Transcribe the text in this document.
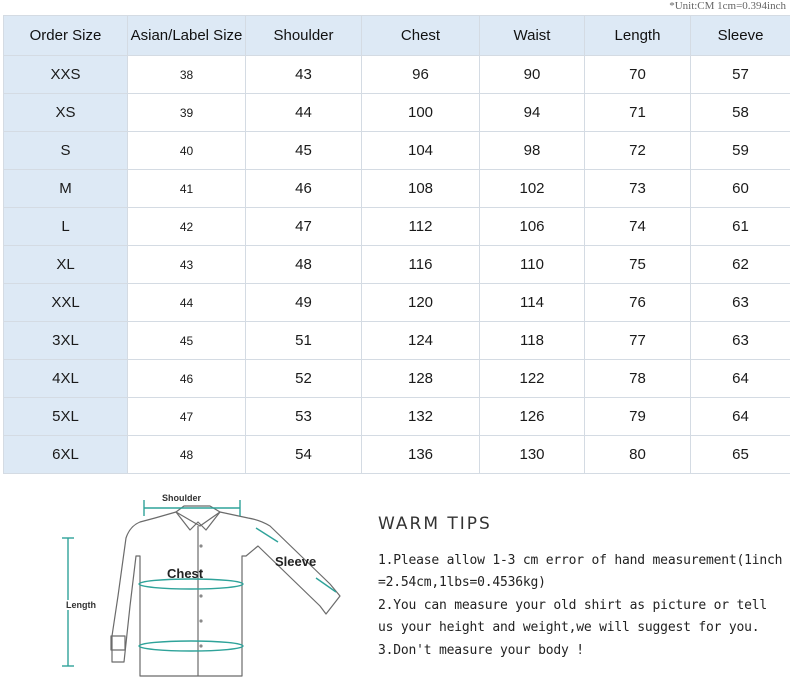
*Unit:CM 1cm=0.394inch
Order Size	Asian/Label Size	Shoulder	Chest	Waist	Length	Sleeve
XXS	38	43	96	90	70	57
XS	39	44	100	94	71	58
S	40	45	104	98	72	59
M	41	46	108	102	73	60
L	42	47	112	106	74	61
XL	43	48	116	110	75	62
XXL	44	49	120	114	76	63
3XL	45	51	124	118	77	63
4XL	46	52	128	122	78	64
5XL	47	53	132	126	79	64
6XL	48	54	136	130	80	65
Shoulder
Chest
Sleeve
Length
WARM TIPS
1.Please allow 1-3 cm error of hand measurement(1inch =2.54cm,1lbs=0.4536kg)
2.You can measure your old shirt as picture or tell us your height and weight,we will suggest for you.
3.Don't measure your body !
